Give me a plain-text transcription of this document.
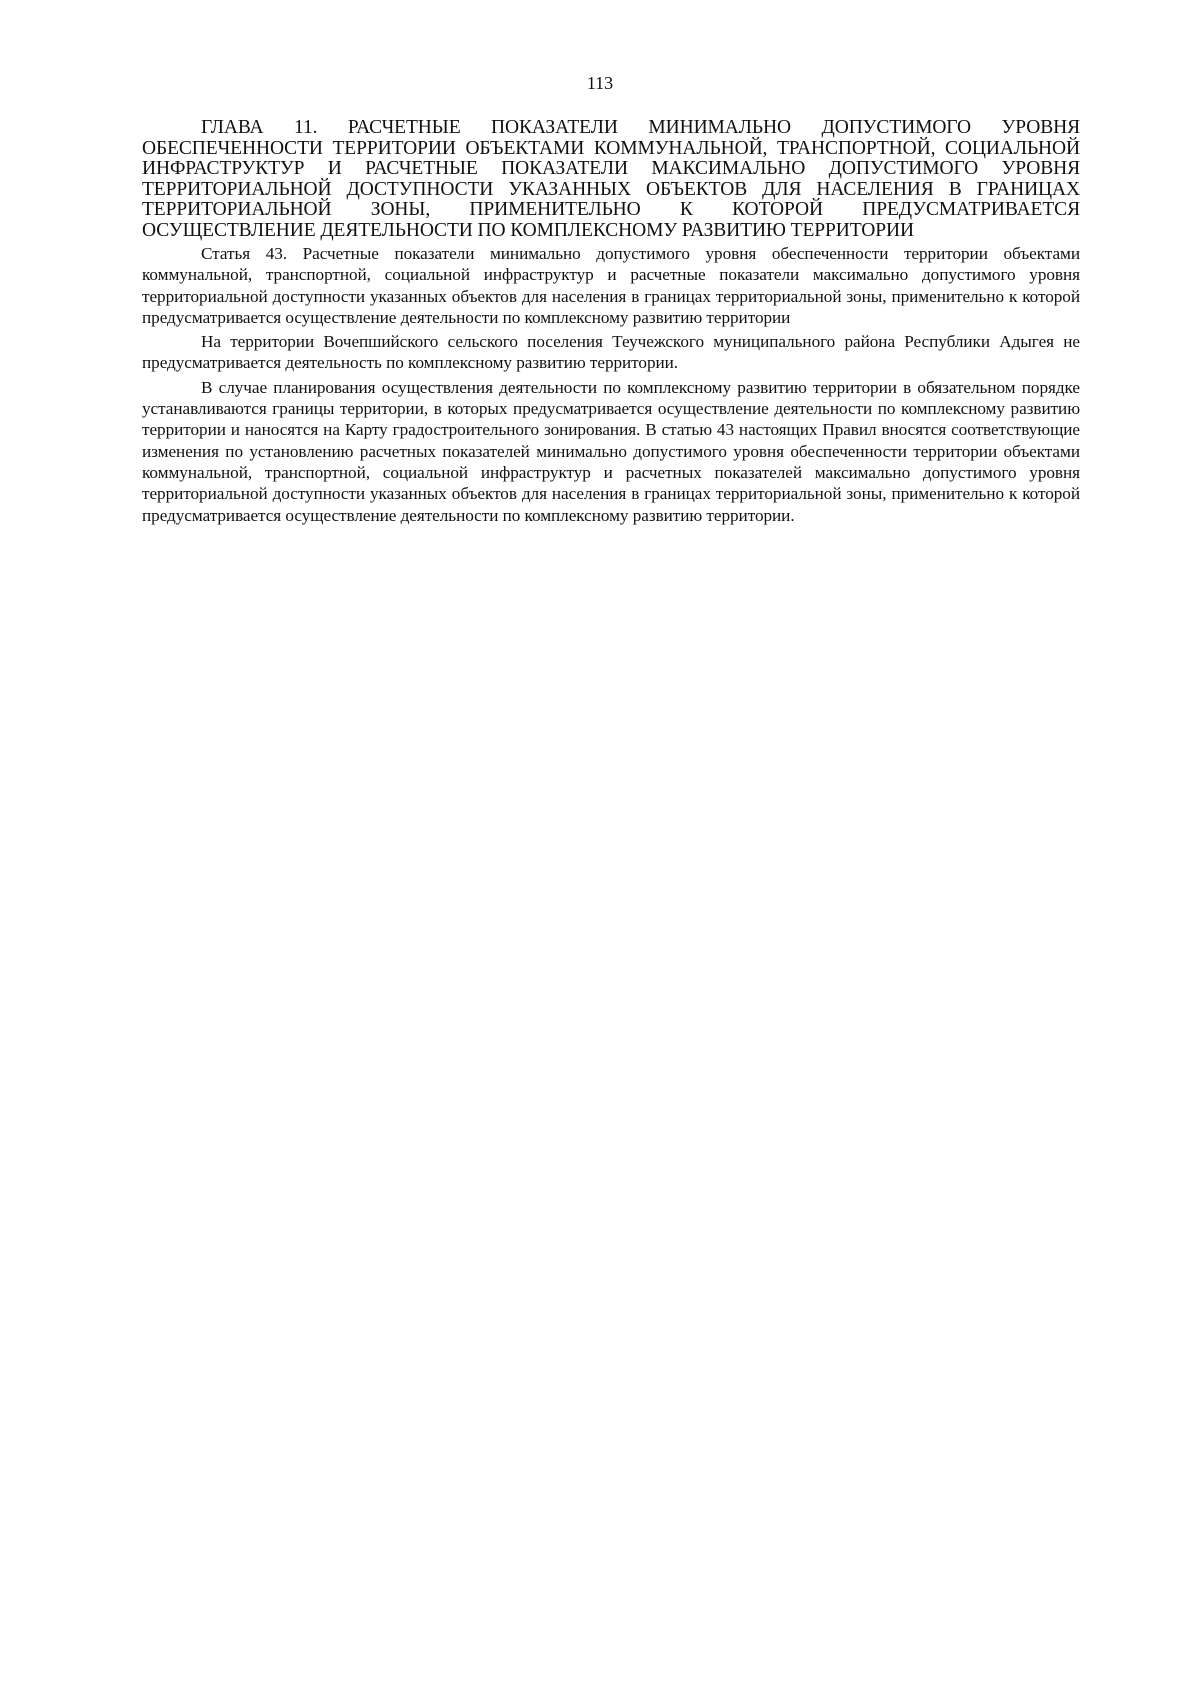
113

ГЛАВА 11. РАСЧЕТНЫЕ ПОКАЗАТЕЛИ МИНИМАЛЬНО ДОПУСТИМОГО УРОВНЯ ОБЕСПЕЧЕННОСТИ ТЕРРИТОРИИ ОБЪЕКТАМИ КОММУНАЛЬНОЙ, ТРАНСПОРТНОЙ, СОЦИАЛЬНОЙ ИНФРАСТРУКТУР И РАСЧЕТНЫЕ ПОКАЗАТЕЛИ МАКСИМАЛЬНО ДОПУСТИМОГО УРОВНЯ ТЕРРИТОРИАЛЬНОЙ ДОСТУПНОСТИ УКАЗАННЫХ ОБЪЕКТОВ ДЛЯ НАСЕЛЕНИЯ В ГРАНИЦАХ ТЕРРИТОРИАЛЬНОЙ ЗОНЫ, ПРИМЕНИТЕЛЬНО К КОТОРОЙ ПРЕДУСМАТРИВАЕТСЯ ОСУЩЕСТВЛЕНИЕ ДЕЯТЕЛЬНОСТИ ПО КОМПЛЕКСНОМУ РАЗВИТИЮ ТЕРРИТОРИИ

Статья 43. Расчетные показатели минимально допустимого уровня обеспеченности территории объектами коммунальной, транспортной, социальной инфраструктур и расчетные показатели максимально допустимого уровня территориальной доступности указанных объектов для населения в границах территориальной зоны, применительно к которой предусматривается осуществление деятельности по комплексному развитию территории

На территории Вочепшийского сельского поселения Теучежского муниципального района Республики Адыгея не предусматривается деятельность по комплексному развитию территории.

В случае планирования осуществления деятельности по комплексному развитию территории в обязательном порядке устанавливаются границы территории, в которых предусматривается осуществление деятельности по комплексному развитию территории и наносятся на Карту градостроительного зонирования. В статью 43 настоящих Правил вносятся соответствующие изменения по установлению расчетных показателей минимально допустимого уровня обеспеченности территории объектами коммунальной, транспортной, социальной инфраструктур и расчетных показателей максимально допустимого уровня территориальной доступности указанных объектов для населения в границах территориальной зоны, применительно к которой предусматривается осуществление деятельности по комплексному развитию территории.
